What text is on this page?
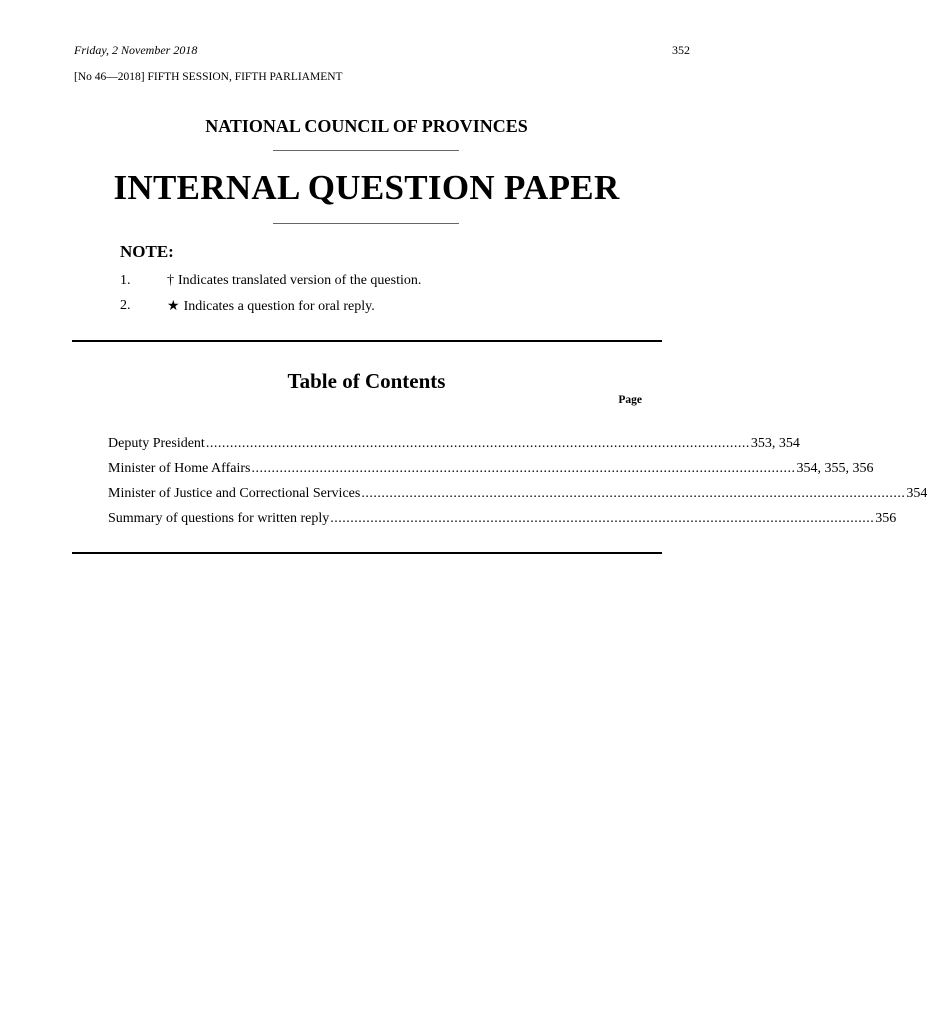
Friday, 2 November 2018	352
[No 46—2018] FIFTH SESSION, FIFTH PARLIAMENT
NATIONAL COUNCIL OF PROVINCES
INTERNAL QUESTION PAPER
NOTE:
1.	† Indicates translated version of the question.
2.	★ Indicates a question for oral reply.
Table of Contents
Page
Deputy President ........................................................................................................................................ 353, 354
Minister of Home Affairs ........................................................................................................................................ 354, 355, 356
Minister of Justice and Correctional Services ........................................................................................................................................ 354
Summary of questions for written reply ........................................................................................................................................ 356
